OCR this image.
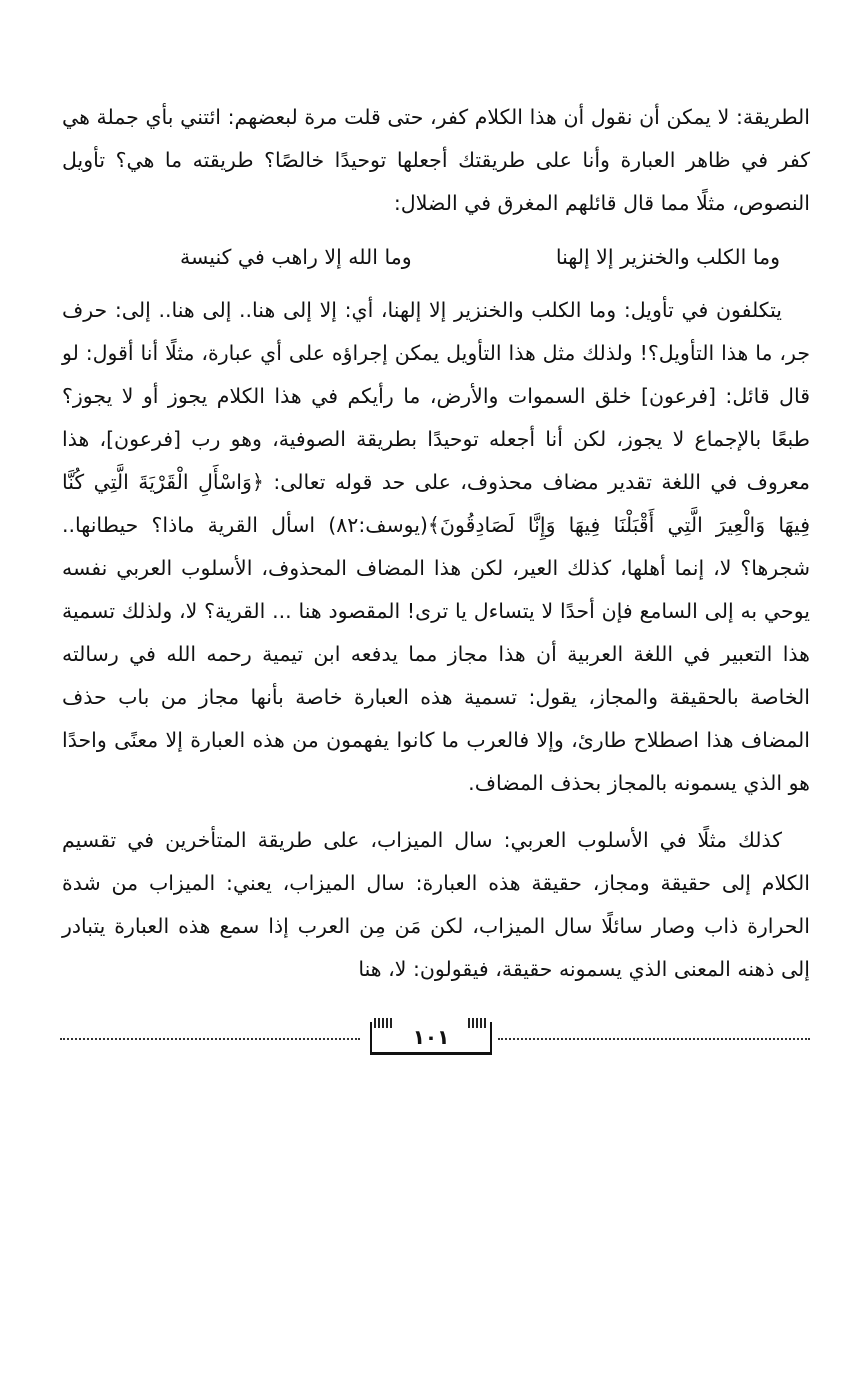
الطريقة: لا يمكن أن نقول أن هذا الكلام كفر، حتى قلت مرة لبعضهم: ائتني بأي جملة هي كفر في ظاهر العبارة وأنا على طريقتك أجعلها توحيدًا خالصًا؟ طريقته ما هي؟ تأويل النصوص، مثلًا مما قال قائلهم المغرق في الضلال:

وما الكلب والخنزير إلا إلهنا
وما الله إلا راهب في كنيسة

يتكلفون في تأويل: وما الكلب والخنزير إلا إلهنا، أي: إلا إلى هنا.. إلى هنا.. إلى: حرف جر، ما هذا التأويل؟! ولذلك مثل هذا التأويل يمكن إجراؤه على أي عبارة، مثلًا أنا أقول: لو قال قائل: [فرعون] خلق السموات والأرض، ما رأيكم في هذا الكلام يجوز أو لا يجوز؟ طبعًا بالإجماع لا يجوز، لكن أنا أجعله توحيدًا بطريقة الصوفية، وهو رب [فرعون]، هذا معروف في اللغة تقدير مضاف محذوف، على حد قوله تعالى: ﴿وَاسْأَلِ الْقَرْيَةَ الَّتِي كُنَّا فِيهَا وَالْعِيرَ الَّتِي أَقْبَلْنَا فِيهَا وَإِنَّا لَصَادِقُونَ﴾(يوسف:٨٢) اسأل القرية ماذا؟ حيطانها.. شجرها؟ لا، إنما أهلها، كذلك العير، لكن هذا المضاف المحذوف، الأسلوب العربي نفسه يوحي به إلى السامع فإن أحدًا لا يتساءل يا ترى! المقصود هنا ... القرية؟ لا، ولذلك تسمية هذا التعبير في اللغة العربية أن هذا مجاز مما يدفعه ابن تيمية رحمه الله في رسالته الخاصة بالحقيقة والمجاز، يقول: تسمية هذه العبارة خاصة بأنها مجاز من باب حذف المضاف هذا اصطلاح طارئ، وإلا فالعرب ما كانوا يفهمون من هذه العبارة إلا معنًى واحدًا هو الذي يسمونه بالمجاز بحذف المضاف.

كذلك مثلًا في الأسلوب العربي: سال الميزاب، على طريقة المتأخرين في تقسيم الكلام إلى حقيقة ومجاز، حقيقة هذه العبارة: سال الميزاب، يعني: الميزاب من شدة الحرارة ذاب وصار سائلًا سال الميزاب، لكن مَن مِن العرب إذا سمع هذه العبارة يتبادر إلى ذهنه المعنى الذي يسمونه حقيقة، فيقولون: لا، هنا

١٠١
